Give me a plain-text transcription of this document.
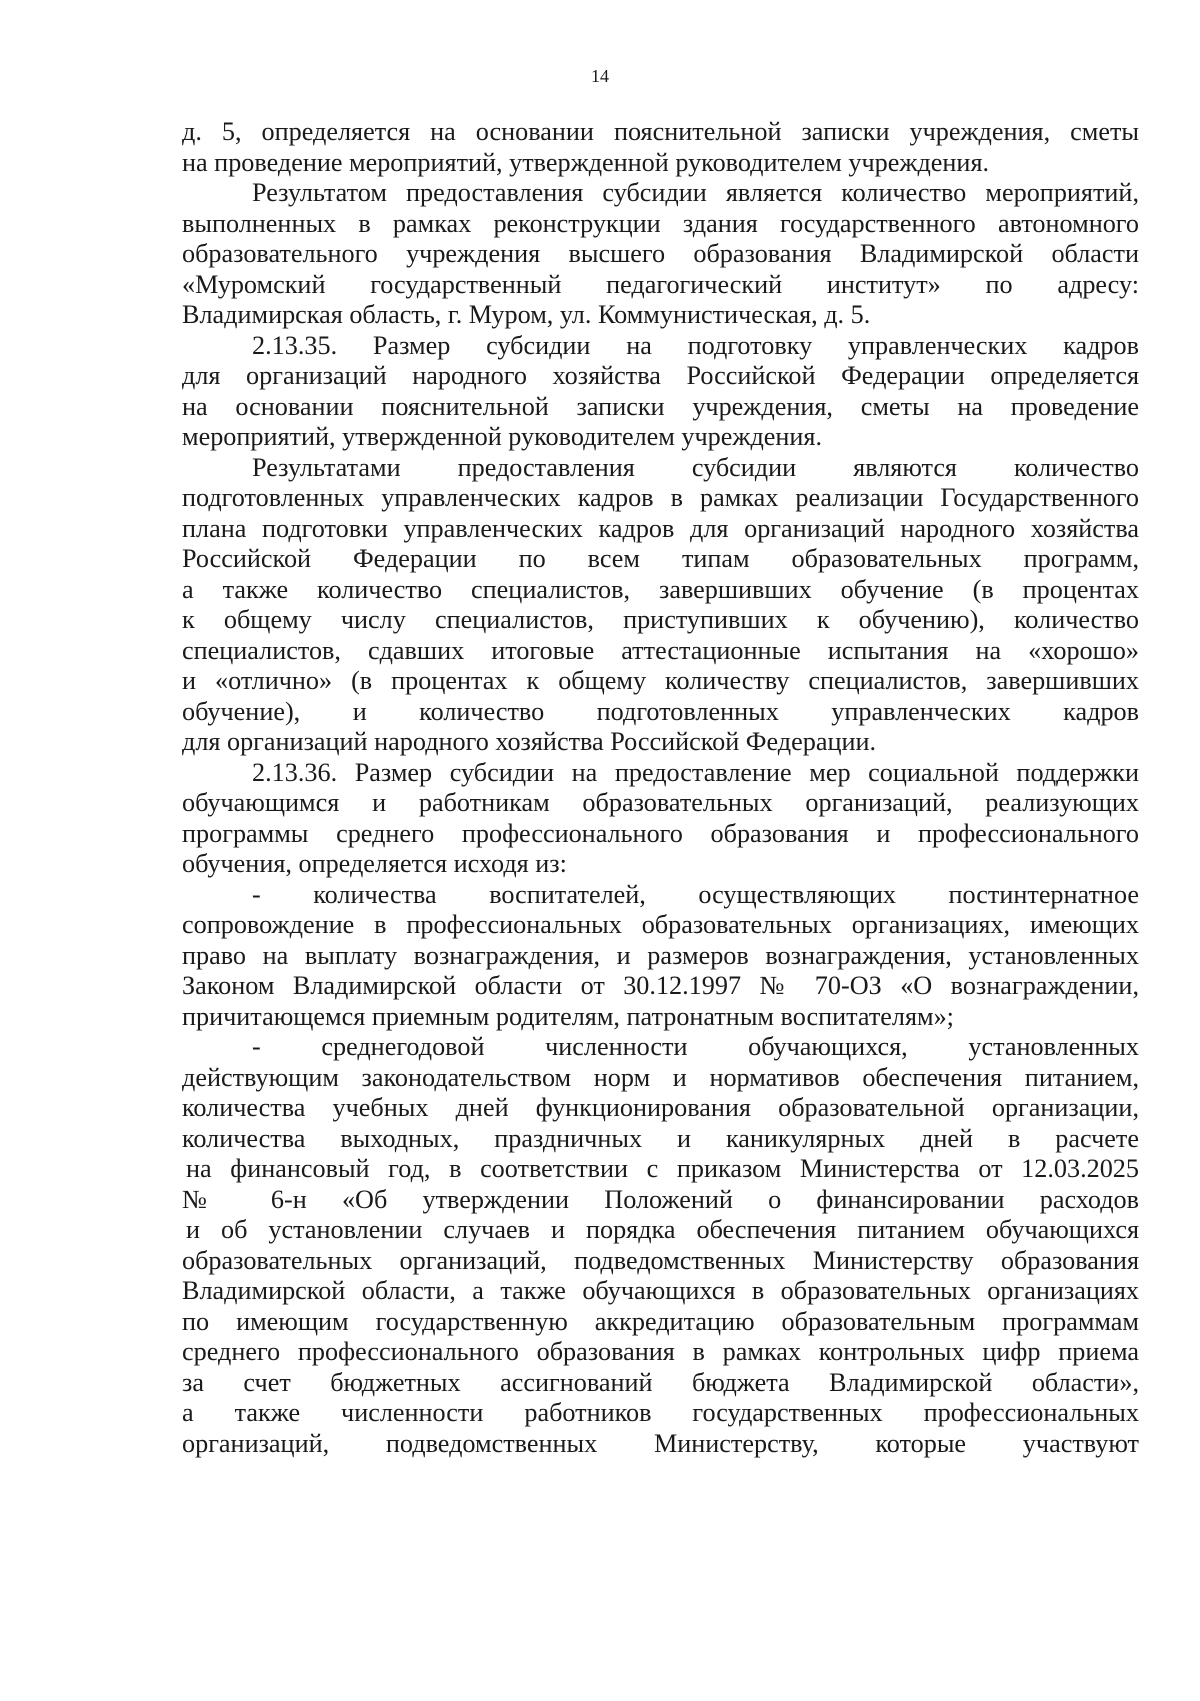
14
д. 5, определяется на основании пояснительной записки учреждения, сметы
на проведение мероприятий, утвержденной руководителем учреждения.
Результатом предоставления субсидии является количество мероприятий,
выполненных в рамках реконструкции здания государственного автономного
образовательного учреждения высшего образования Владимирской области
«Муромский государственный педагогический институт» по адресу:
Владимирская область, г. Муром, ул. Коммунистическая, д. 5.
2.13.35. Размер субсидии на подготовку управленческих кадров
для организаций народного хозяйства Российской Федерации определяется
на основании пояснительной записки учреждения, сметы на проведение
мероприятий, утвержденной руководителем учреждения.
Результатами предоставления субсидии являются количество
подготовленных управленческих кадров в рамках реализации Государственного
плана подготовки управленческих кадров для организаций народного хозяйства
Российской Федерации по всем типам образовательных программ,
а также количество специалистов, завершивших обучение (в процентах
к общему числу специалистов, приступивших к обучению), количество
специалистов, сдавших итоговые аттестационные испытания на «хорошо»
и «отлично» (в процентах к общему количеству специалистов, завершивших
обучение), и количество подготовленных управленческих кадров
для организаций народного хозяйства Российской Федерации.
2.13.36. Размер субсидии на предоставление мер социальной поддержки
обучающимся и работникам образовательных организаций, реализующих
программы среднего профессионального образования и профессионального
обучения, определяется исходя из:
- количества воспитателей, осуществляющих постинтернатное
сопровождение в профессиональных образовательных организациях, имеющих
право на выплату вознаграждения, и размеров вознаграждения, установленных
Законом Владимирской области от 30.12.1997 № 70-ОЗ «О вознаграждении,
причитающемся приемным родителям, патронатным воспитателям»;
- среднегодовой численности обучающихся, установленных
действующим законодательством норм и нормативов обеспечения питанием,
количества учебных дней функционирования образовательной организации,
количества выходных, праздничных и каникулярных дней в расчете
на финансовый год, в соответствии с приказом Министерства от 12.03.2025
№ 6-н «Об утверждении Положений о финансировании расходов
и об установлении случаев и порядка обеспечения питанием обучающихся
образовательных организаций, подведомственных Министерству образования
Владимирской области, а также обучающихся в образовательных организациях
по имеющим государственную аккредитацию образовательным программам
среднего профессионального образования в рамках контрольных цифр приема
за счет бюджетных ассигнований бюджета Владимирской области»,
а также численности работников государственных профессиональных
организаций, подведомственных Министерству, которые участвуют
